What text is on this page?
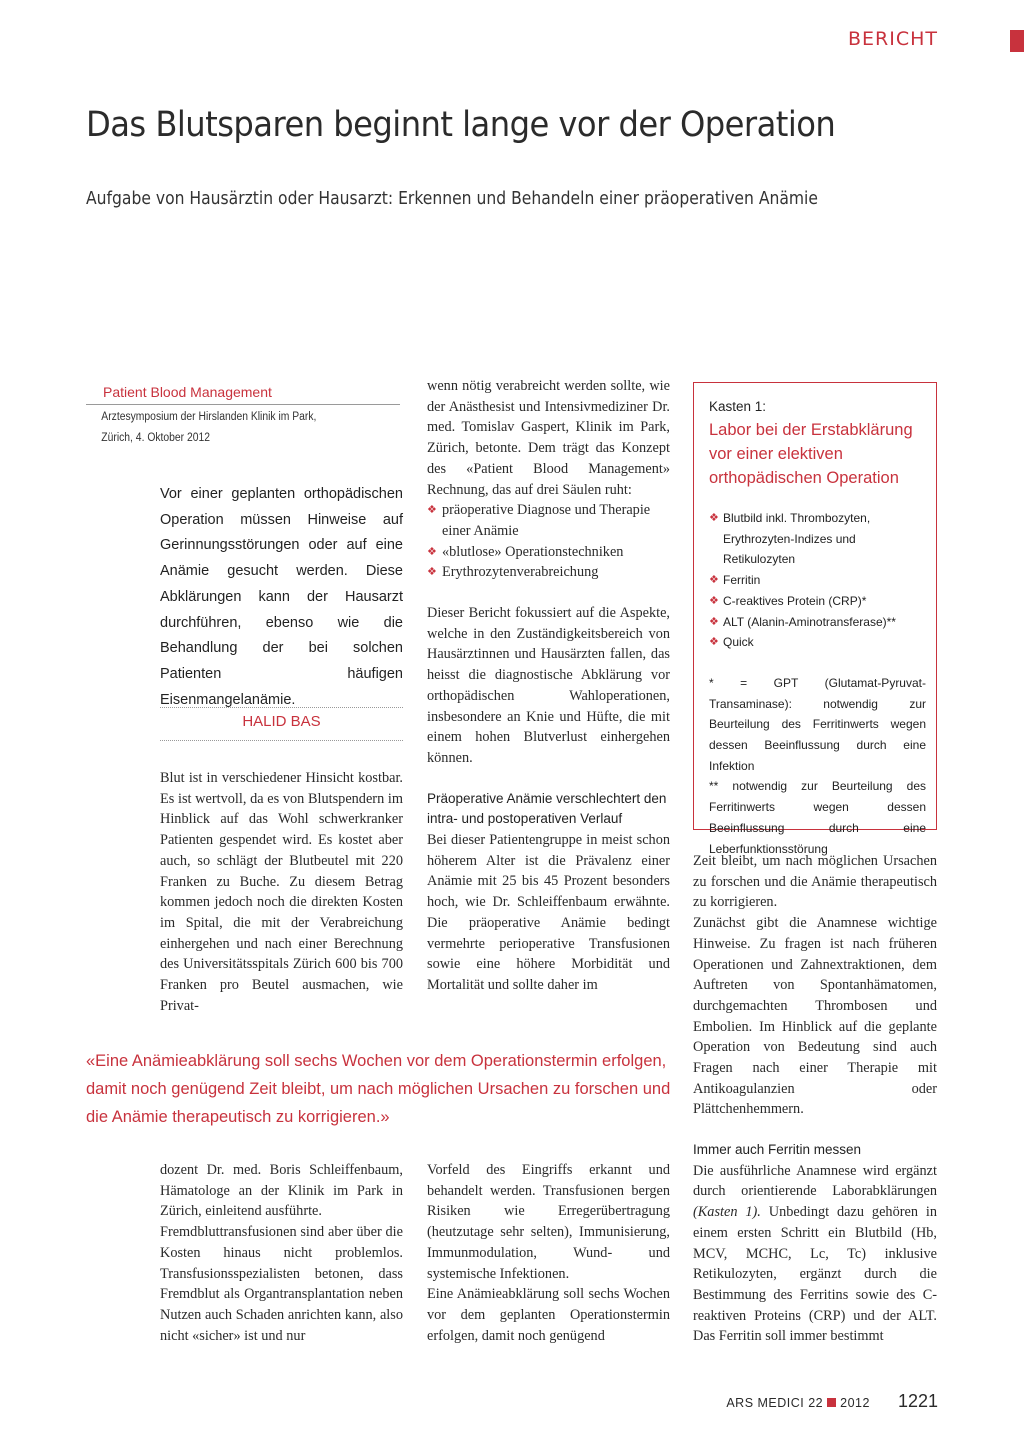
BERICHT
Das Blutsparen beginnt lange vor der Operation
Aufgabe von Hausärztin oder Hausarzt: Erkennen und Behandeln einer präoperativen Anämie
Patient Blood Management
Ärztesymposium der Hirslanden Klinik im Park,
Zürich, 4. Oktober 2012
Vor einer geplanten orthopädischen Operation müssen Hinweise auf Gerinnungsstörungen oder auf eine Anämie gesucht werden. Diese Abklärungen kann der Hausarzt durchführen, ebenso wie die Behandlung der bei solchen Patienten häufigen Eisenmangelanämie.
HALID BAS

Blut ist in verschiedener Hinsicht kostbar. Es ist wertvoll, da es von Blutspendern im Hinblick auf das Wohl schwerkranker Patienten gespendet wird. Es kostet aber auch, so schlägt der Blutbeutel mit 220 Franken zu Buche. Zu diesem Betrag kommen jedoch noch die direkten Kosten im Spital, die mit der Verabreichung einhergehen und nach einer Berechnung des Universitätsspitals Zürich 600 bis 700 Franken pro Beutel ausmachen, wie Privat-

wenn nötig verabreicht werden sollte, wie der Anästhesist und Intensivmediziner Dr. med. Tomislav Gaspert, Klinik im Park, Zürich, betonte. Dem trägt das Konzept des «Patient Blood Management» Rechnung, das auf drei Säulen ruht:

❖ präoperative Diagnose und Therapie einer Anämie
❖ «blutlose» Operationstechniken
❖ Erythrozytenverabreichung

Dieser Bericht fokussiert auf die Aspekte, welche in den Zuständigkeitsbereich von Hausärztinnen und Hausärzten fallen, das heisst die diagnostische Abklärung vor orthopädischen Wahloperationen, insbesondere an Knie und Hüfte, die mit einem hohen Blutverlust einhergehen können.

Präoperative Anämie verschlechtert den intra- und postoperativen Verlauf

Bei dieser Patientengruppe in meist schon höherem Alter ist die Prävalenz einer Anämie mit 25 bis 45 Prozent besonders hoch, wie Dr. Schleiffenbaum erwähnte. Die präoperative Anämie bedingt vermehrte perioperative Transfusionen sowie eine höhere Morbidität und Mortalität und sollte daher im

Kasten 1:
Labor bei der Erstabklärung vor einer elektiven orthopädischen Operation
❖ Blutbild inkl. Thrombozyten, Erythrozyten-Indizes und Retikulozyten
❖ Ferritin
❖ C-reaktives Protein (CRP)*
❖ ALT (Alanin-Aminotransferase)**
❖ Quick

* = GPT (Glutamat-Pyruvat-Transaminase): notwendig zur Beurteilung des Ferritinwerts wegen dessen Beeinflussung durch eine Infektion

** notwendig zur Beurteilung des Ferritinwerts wegen dessen Beeinflussung durch eine Leberfunktionsstörung

Zeit bleibt, um nach möglichen Ursachen zu forschen und die Anämie therapeutisch zu korrigieren.

Zunächst gibt die Anamnese wichtige Hinweise. Zu fragen ist nach früheren Operationen und Zahnextraktionen, dem Auftreten von Spontanhämatomen, durchgemachten Thrombosen und Embolien. Im Hinblick auf die geplante Operation von Bedeutung sind auch Fragen nach einer Therapie mit Antikoagulanzien oder Plättchenhemmern.

«Eine Anämieabklärung soll sechs Wochen vor dem Operationstermin erfolgen, damit noch genügend Zeit bleibt, um nach möglichen Ursachen zu forschen und die Anämie therapeutisch zu korrigieren.»

dozent Dr. med. Boris Schleiffenbaum, Hämatologe an der Klinik im Park in Zürich, einleitend ausführte.

Fremdbluttransfusionen sind aber über die Kosten hinaus nicht problemlos. Transfusionsspezialisten betonen, dass Fremdblut als Organtransplantation neben Nutzen auch Schaden anrichten kann, also nicht «sicher» ist und nur

Vorfeld des Eingriffs erkannt und behandelt werden. Transfusionen bergen Risiken wie Erregerübertragung (heutzutage sehr selten), Immunisierung, Immunmodulation, Wund- und systemische Infektionen.

Eine Anämieabklärung soll sechs Wochen vor dem geplanten Operationstermin erfolgen, damit noch genügend

Immer auch Ferritin messen

Die ausführliche Anamnese wird ergänzt durch orientierende Laborabklärungen (Kasten 1). Unbedingt dazu gehören in einem ersten Schritt ein Blutbild (Hb, MCV, MCHC, Lc, Tc) inklusive Retikulozyten, ergänzt durch die Bestimmung des Ferritins sowie des C-reaktiven Proteins (CRP) und der ALT. Das Ferritin soll immer bestimmt

ARS MEDICI 22 2012 1221
